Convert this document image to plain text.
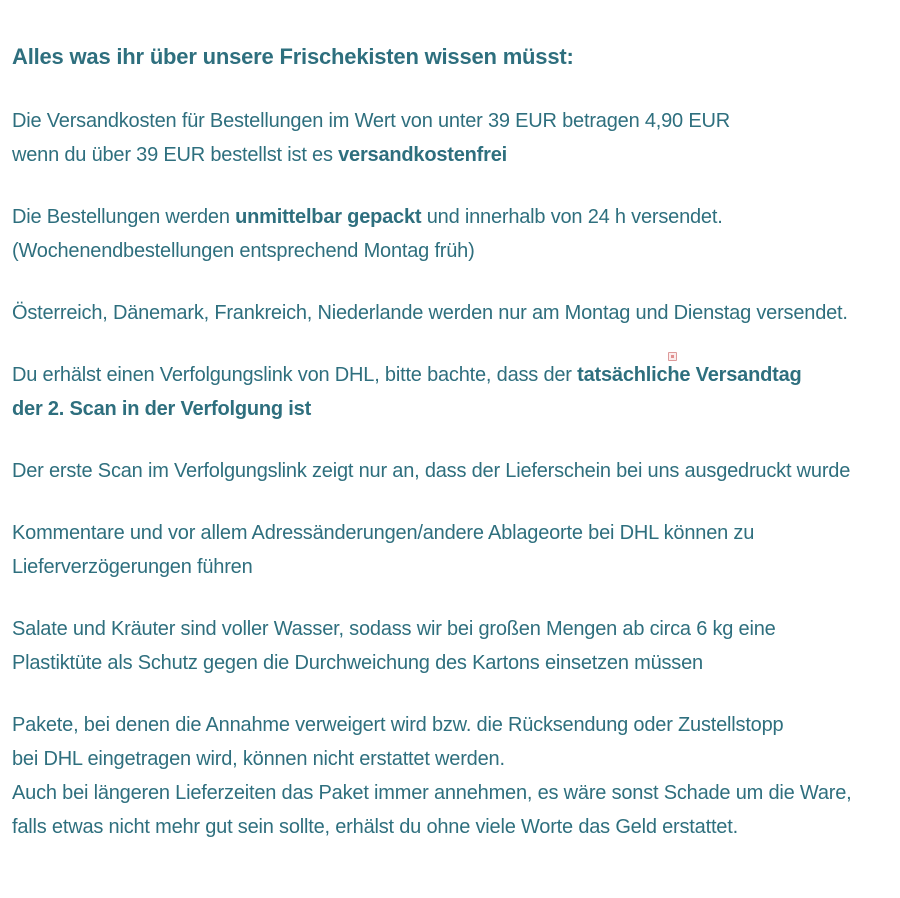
Alles was ihr über unsere Frischekisten wissen müsst:
Die Versandkosten für Bestellungen im Wert von unter 39 EUR betragen 4,90 EUR
wenn du über 39 EUR bestellst ist es versandkostenfrei
Die Bestellungen werden unmittelbar gepackt und innerhalb von 24 h versendet.
(Wochenendbestellungen entsprechend Montag früh)
Österreich, Dänemark, Frankreich, Niederlande werden nur am Montag und Dienstag versendet.
Du erhälst einen Verfolgungslink von DHL, bitte bachte, dass der tatsächliche Versandtag
der 2. Scan in der Verfolgung ist
Der erste Scan im Verfolgungslink zeigt nur an, dass der Lieferschein bei uns ausgedruckt wurde
Kommentare und vor allem Adressänderungen/andere Ablageorte bei DHL können zu
Lieferverzögerungen führen
Salate und Kräuter sind voller Wasser, sodass wir bei großen Mengen ab circa 6 kg eine
Plastiktüte als Schutz gegen die Durchweichung des Kartons einsetzen müssen
Pakete, bei denen die Annahme verweigert wird bzw. die Rücksendung oder Zustellstopp
bei DHL eingetragen wird, können nicht erstattet werden.
Auch bei längeren Lieferzeiten das Paket immer annehmen, es wäre sonst Schade um die Ware,
falls etwas nicht mehr gut sein sollte, erhälst du ohne viele Worte das Geld erstattet.
